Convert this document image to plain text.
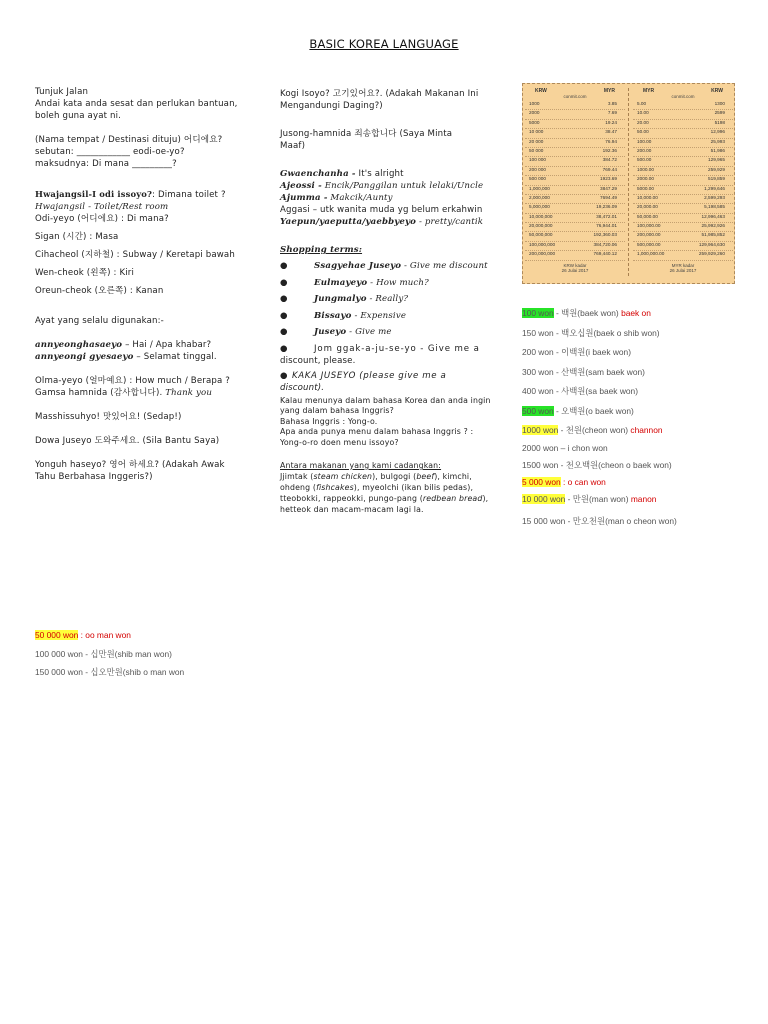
BASIC KOREA LANGUAGE
Tunjuk Jalan
Andai kata anda sesat dan perlukan bantuan,
boleh guna ayat ni.
(Nama tempat / Destinasi dituju) 어디에요?
sebutan: ____________ eodi-oe-yo?
maksudnya: Di mana _________?
Hwajangsil-I odi issoyo?: Dimana toilet ?
Hwajangsil - Toilet/Rest room
Odi-yeyo (어디에요) : Di mana?
Sigan (시간) : Masa
Cihacheol (지하철) : Subway / Keretapi bawah
Wen-cheok (왼쪽) : Kiri
Oreun-cheok (오른쪽) : Kanan
Ayat yang selalu digunakan:-
annyeonghasaeyo – Hai / Apa khabar?
annyeongi gyesaeyo – Selamat tinggal.
Olma-yeyo (얼마예요) : How much / Berapa ?
Gamsa hamnida (감사합니다). Thank you
Masshissuhyo! 맛있어요! (Sedap!)
Dowa Juseyo 도와주세요. (Sila Bantu Saya)
Yonguh haseyo? 영어 하세요? (Adakah Awak
Tahu Berbahasa Inggeris?)
Kogi Isoyo? 고기있어요?. (Adakah Makanan Ini
Mengandungi Daging?)
Jusong-hamnida 죄송합니다 (Saya Minta
Maaf)
Gwaenchanha - It's alright
Ajeossi - Encik/Panggilan untuk lelaki/Uncle
Ajumma - Makcik/Aunty
Aggasi – utk wanita muda yg belum erkahwin
Yaepun/yaeputta/yaebbyeyo - pretty/cantik
Shopping terms:
●	Ssagyehae Juseyo - Give me discount
●	Eulmayeyo - How much?
●	Jungmalyo - Really?
●	Bissayo - Expensive
●	Juseyo - Give me
●	Jom ggak-a-ju-se-yo - Give me a
discount, please.
● KAKA JUSEYO (please give me a
discount).
Kalau menunya dalam bahasa Korea dan anda ingin
yang dalam bahasa Inggris?
Bahasa Inggris : Yong-o.
Apa anda punya menu dalam bahasa Inggris ? :
Yong-o-ro doen menu issoyo?
Antara makanan yang kami cadangkan:
Jjimtak (steam chicken), bulgogi (beef), kimchi,
ohdeng (fishcakes), myeolchi (ikan bilis pedas),
tteobokki, rappeokki, pungo-pang (redbean bread),
hetteok dan macam-macam lagi la.
KRW	MYR
conmit.com
1000	3.85
2000	7.69
5000	19.24
10 000	38.47
20 000	76.94
50 000	192.36
100 000	384.72
200 000	769.44
500 000	1923.69
1,000,000	3847.29
2,000,000	7694.49
5,000,000	19,236.09
10,000,000	38,472.01
20,000,000	76,944.01
50,000,000	192,360.03
100,000,000	384,720.06
200,000,000	769,440.12
KRW kadar
26 Julai 2017
MYR	KRW
conmit.com
5.00	1300
10.00	2599
20.00	5198
50.00	12,996
100.00	25,993
200.00	51,986
500.00	129,965
1000.00	259,929
2000.00	519,859
5000.00	1,299,646
10,000.00	2,599,293
20,000.00	5,198,585
50,000.00	12,996,463
100,000.00	25,992,926
200,000.00	51,985,852
500,000.00	129,964,630
1,000,000.00	259,929,260
MYR kadar
26 Julai 2017
100 won - 백원(baek won) baek on
150 won - 백오십원(baek o shib won)
200 won - 이백원(i baek won)
300 won - 산백원(sam baek won)
400 won - 사백원(sa baek won)
500 won - 오백원(o baek won)
1000 won - 천원(cheon won) channon
2000 won – i chon won
1500 won - 천오백원(cheon o baek won)
5 000 won : o can won
10 000 won - 만원(man won) manon
15 000 won - 만오천원(man o cheon won)
50 000 won : oo man won
100 000 won - 십만원(shib man won)
150 000 won - 십오만원(shib o man won
